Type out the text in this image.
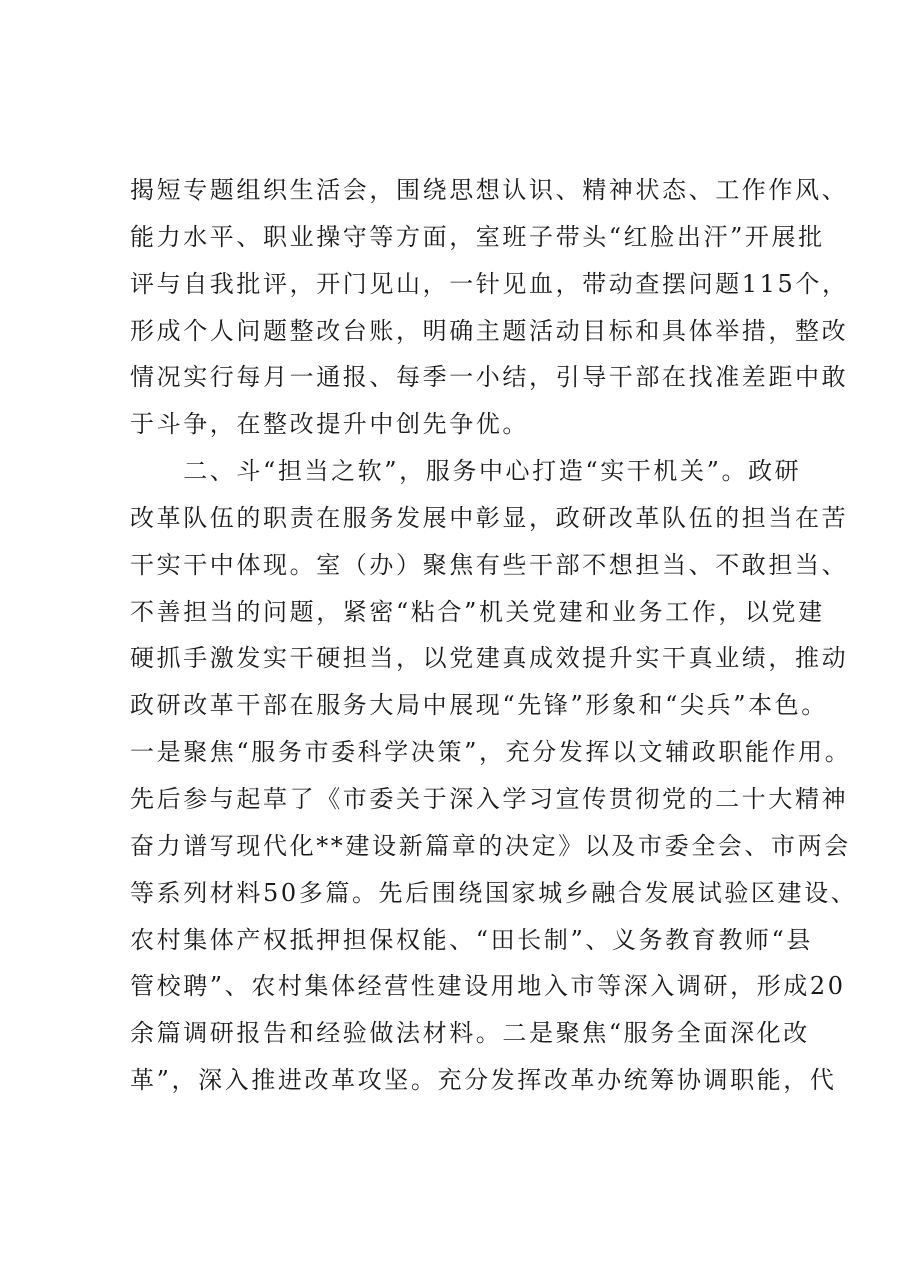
揭短专题组织生活会，围绕思想认识、精神状态、工作作风、
能力水平、职业操守等方面，室班子带头“红脸出汗”开展批
评与自我批评，开门见山，一针见血，带动查摆问题115个，
形成个人问题整改台账，明确主题活动目标和具体举措，整改
情况实行每月一通报、每季一小结，引导干部在找准差距中敢
于斗争，在整改提升中创先争优。
　　二、斗“担当之软”，服务中心打造“实干机关”。政研
改革队伍的职责在服务发展中彰显，政研改革队伍的担当在苦
干实干中体现。室（办）聚焦有些干部不想担当、不敢担当、
不善担当的问题，紧密“粘合”机关党建和业务工作，以党建
硬抓手激发实干硬担当，以党建真成效提升实干真业绩，推动
政研改革干部在服务大局中展现“先锋”形象和“尖兵”本色。
一是聚焦“服务市委科学决策”，充分发挥以文辅政职能作用。
先后参与起草了《市委关于深入学习宣传贯彻党的二十大精神
奋力谱写现代化**建设新篇章的决定》以及市委全会、市两会
等系列材料50多篇。先后围绕国家城乡融合发展试验区建设、
农村集体产权抵押担保权能、“田长制”、义务教育教师“县
管校聘”、农村集体经营性建设用地入市等深入调研，形成20
余篇调研报告和经验做法材料。二是聚焦“服务全面深化改
革”，深入推进改革攻坚。充分发挥改革办统筹协调职能，代
